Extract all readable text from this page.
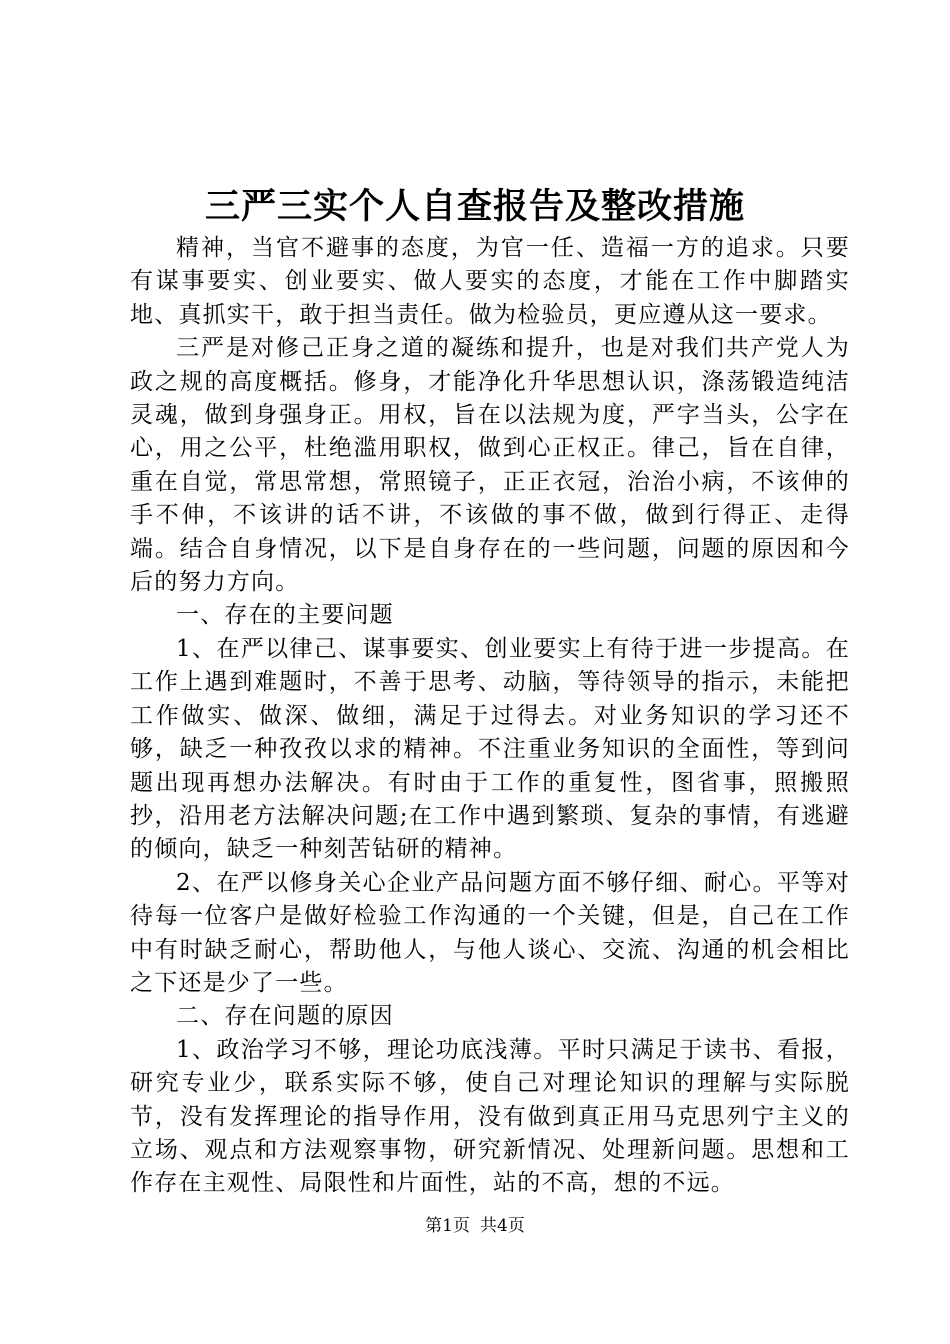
三严三实个人自查报告及整改措施

精神，当官不避事的态度，为官一任、造福一方的追求。只要有谋事要实、创业要实、做人要实的态度，才能在工作中脚踏实地、真抓实干，敢于担当责任。做为检验员，更应遵从这一要求。

三严是对修己正身之道的凝练和提升，也是对我们共产党人为政之规的高度概括。修身，才能净化升华思想认识，涤荡锻造纯洁灵魂，做到身强身正。用权，旨在以法规为度，严字当头，公字在心，用之公平，杜绝滥用职权，做到心正权正。律己，旨在自律，重在自觉，常思常想，常照镜子，正正衣冠，治治小病，不该伸的手不伸，不该讲的话不讲，不该做的事不做，做到行得正、走得端。结合自身情况，以下是自身存在的一些问题，问题的原因和今后的努力方向。

一、存在的主要问题

1、在严以律己、谋事要实、创业要实上有待于进一步提高。在工作上遇到难题时，不善于思考、动脑，等待领导的指示，未能把工作做实、做深、做细，满足于过得去。对业务知识的学习还不够，缺乏一种孜孜以求的精神。不注重业务知识的全面性，等到问题出现再想办法解决。有时由于工作的重复性，图省事，照搬照抄，沿用老方法解决问题;在工作中遇到繁琐、复杂的事情，有逃避的倾向，缺乏一种刻苦钻研的精神。

2、在严以修身关心企业产品问题方面不够仔细、耐心。平等对待每一位客户是做好检验工作沟通的一个关键，但是，自己在工作中有时缺乏耐心，帮助他人，与他人谈心、交流、沟通的机会相比之下还是少了一些。

二、存在问题的原因

1、政治学习不够，理论功底浅薄。平时只满足于读书、看报，研究专业少，联系实际不够，使自己对理论知识的理解与实际脱节，没有发挥理论的指导作用，没有做到真正用马克思列宁主义的立场、观点和方法观察事物，研究新情况、处理新问题。思想和工作存在主观性、局限性和片面性，站的不高，想的不远。

第1页 共4页
